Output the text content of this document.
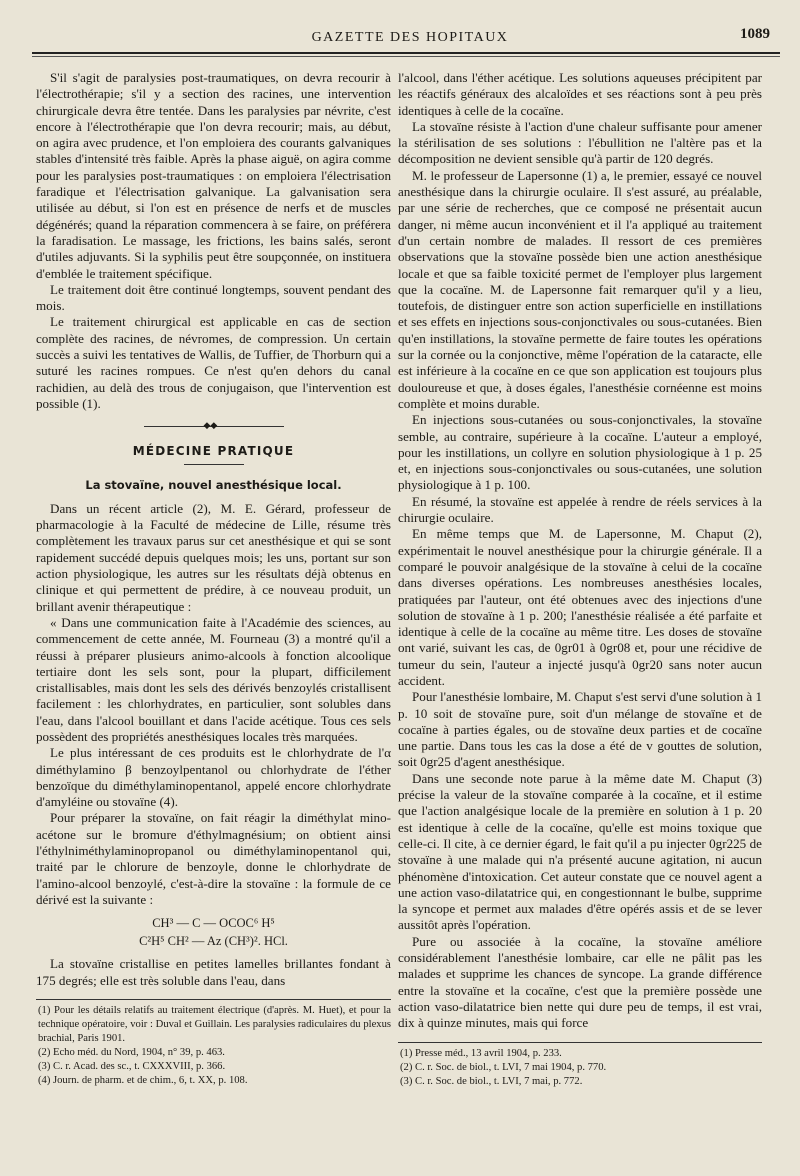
GAZETTE DES HOPITAUX	1089

S'il s'agit de paralysies post-traumatiques, on devra recourir à l'électrothérapie; s'il y a section des racines, une intervention chirurgicale devra être tentée. Dans les paralysies par névrite, c'est encore à l'électrothérapie que l'on devra recourir; mais, au début, on agira avec prudence, et l'on emploiera des courants galvaniques stables d'intensité très faible. Après la phase aiguë, on agira comme pour les paralysies post-traumatiques : on emploiera l'électrisation faradique et l'électrisation galvanique. La galvanisation sera utilisée au début, si l'on est en présence de nerfs et de muscles dégénérés; quand la réparation commencera à se faire, on préférera la faradisation. Le massage, les frictions, les bains salés, seront d'utiles adjuvants. Si la syphilis peut être soupçonnée, on instituera d'emblée le traitement spécifique.

Le traitement doit être continué longtemps, souvent pendant des mois.

Le traitement chirurgical est applicable en cas de section complète des racines, de névromes, de compression. Un certain succès a suivi les tentatives de Wallis, de Tuffier, de Thorburn qui a suturé les racines rompues. Ce n'est qu'en dehors du canal rachidien, au delà des trous de conjugaison, que l'intervention est possible (1).

◆◆
MÉDECINE PRATIQUE
La stovaïne, nouvel anesthésique local.

Dans un récent article (2), M. E. Gérard, professeur de pharmacologie à la Faculté de médecine de Lille, résume très complètement les travaux parus sur cet anesthésique et qui se sont rapidement succédé depuis quelques mois; les uns, portant sur son action physiologique, les autres sur les résultats déjà obtenus en clinique et qui permettent de prédire, à ce nouveau produit, un brillant avenir thérapeutique :

« Dans une communication faite à l'Académie des sciences, au commencement de cette année, M. Fourneau (3) a montré qu'il a réussi à préparer plusieurs animo-alcools à fonction alcoolique tertiaire dont les sels sont, pour la plupart, difficilement cristallisables, mais dont les sels des dérivés benzoylés cristallisent facilement : les chlorhydrates, en particulier, sont solubles dans l'eau, dans l'alcool bouillant et dans l'acide acétique. Tous ces sels possèdent des propriétés anesthésiques locales très marquées.

Le plus intéressant de ces produits est le chlorhydrate de l'α diméthylamino β benzoylpentanol ou chlorhydrate de l'éther benzoïque du diméthylaminopentanol, appelé encore chlorhydrate d'amyléine ou stovaïne (4).

Pour préparer la stovaïne, on fait réagir la diméthylat mino-acétone sur le bromure d'éthylmagnésium; on obtient ainsi l'éthylniméthylaminopropanol ou diméthylaminopentanol qui, traité par le chlorure de benzoyle, donne le chlorhydrate de l'amino-alcool benzoylé, c'est-à-dire la stovaïne : la formule de ce dérivé est la suivante :

CH³ — C — OCOC⁶ H⁵
C²H⁵ CH² — Az (CH³)². HCl.

La stovaïne cristallise en petites lamelles brillantes fondant à 175 degrés; elle est très soluble dans l'eau, dans

(1) Pour les détails relatifs au traitement électrique (d'après. M. Huet), et pour la technique opératoire, voir : Duval et Guillain. Les paralysies radiculaires du plexus brachial, Paris 1901.
(2) Echo méd. du Nord, 1904, n° 39, p. 463.
(3) C. r. Acad. des sc., t. CXXXVIII, p. 366.
(4) Journ. de pharm. et de chim., 6, t. XX, p. 108.

l'alcool, dans l'éther acétique. Les solutions aqueuses précipitent par les réactifs généraux des alcaloïdes et ses réactions sont à peu près identiques à celle de la cocaïne.

La stovaïne résiste à l'action d'une chaleur suffisante pour amener la stérilisation de ses solutions : l'ébullition ne l'altère pas et la décomposition ne devient sensible qu'à partir de 120 degrés.

M. le professeur de Lapersonne (1) a, le premier, essayé ce nouvel anesthésique dans la chirurgie oculaire. Il s'est assuré, au préalable, par une série de recherches, que ce composé ne présentait aucun danger, ni même aucun inconvénient et il l'a appliqué au traitement d'un certain nombre de malades. Il ressort de ces premières observations que la stovaïne possède bien une action anesthésique locale et que sa faible toxicité permet de l'employer plus largement que la cocaïne. M. de Lapersonne fait remarquer qu'il y a lieu, toutefois, de distinguer entre son action superficielle en instillations et ses effets en injections sous-conjonctivales ou sous-cutanées. Bien qu'en instillations, la stovaïne permette de faire toutes les opérations sur la cornée ou la conjonctive, même l'opération de la cataracte, elle est inférieure à la cocaïne en ce que son application est toujours plus douloureuse et que, à doses égales, l'anesthésie cornéenne est moins complète et moins durable.

En injections sous-cutanées ou sous-conjonctivales, la stovaïne semble, au contraire, supérieure à la cocaïne. L'auteur a employé, pour les instillations, un collyre en solution physiologique à 1 p. 25 et, en injections sous-conjonctivales ou sous-cutanées, une solution physiologique à 1 p. 100.

En résumé, la stovaïne est appelée à rendre de réels services à la chirurgie oculaire.

En même temps que M. de Lapersonne, M. Chaput (2), expérimentait le nouvel anesthésique pour la chirurgie générale. Il a comparé le pouvoir analgésique de la stovaïne à celui de la cocaïne dans diverses opérations. Les nombreuses anesthésies locales, pratiquées par l'auteur, ont été obtenues avec des injections d'une solution de stovaïne à 1 p. 200; l'anesthésie réalisée a été parfaite et identique à celle de la cocaïne au même titre. Les doses de stovaïne ont varié, suivant les cas, de 0gr01 à 0gr08 et, pour une récidive de tumeur du sein, l'auteur a injecté jusqu'à 0gr20 sans noter aucun accident.

Pour l'anesthésie lombaire, M. Chaput s'est servi d'une solution à 1 p. 10 soit de stovaïne pure, soit d'un mélange de stovaïne et de cocaïne à parties égales, ou de stovaïne deux parties et de cocaïne une partie. Dans tous les cas la dose a été de v gouttes de solution, soit 0gr25 d'agent anesthésique.

Dans une seconde note parue à la même date M. Chaput (3) précise la valeur de la stovaïne comparée à la cocaïne, et il estime que l'action analgésique locale de la première en solution à 1 p. 20 est identique à celle de la cocaïne, qu'elle est moins toxique que celle-ci. Il cite, à ce dernier égard, le fait qu'il a pu injecter 0gr225 de stovaïne à une malade qui n'a présenté aucune agitation, ni aucun phénomène d'intoxication. Cet auteur constate que ce nouvel agent a une action vaso-dilatatrice qui, en congestionnant le bulbe, supprime la syncope et permet aux malades d'être opérés assis et de se lever aussitôt après l'opération.

Pure ou associée à la cocaïne, la stovaïne améliore considérablement l'anesthésie lombaire, car elle ne pâlit pas les malades et supprime les chances de syncope. La grande différence entre la stovaïne et la cocaïne, c'est que la première possède une action vaso-dilatatrice bien nette qui dure peu de temps, il est vrai, dix à quinze minutes, mais qui force

(1) Presse méd., 13 avril 1904, p. 233.
(2) C. r. Soc. de biol., t. LVI, 7 mai 1904, p. 770.
(3) C. r. Soc. de biol., t. LVI, 7 mai, p. 772.
